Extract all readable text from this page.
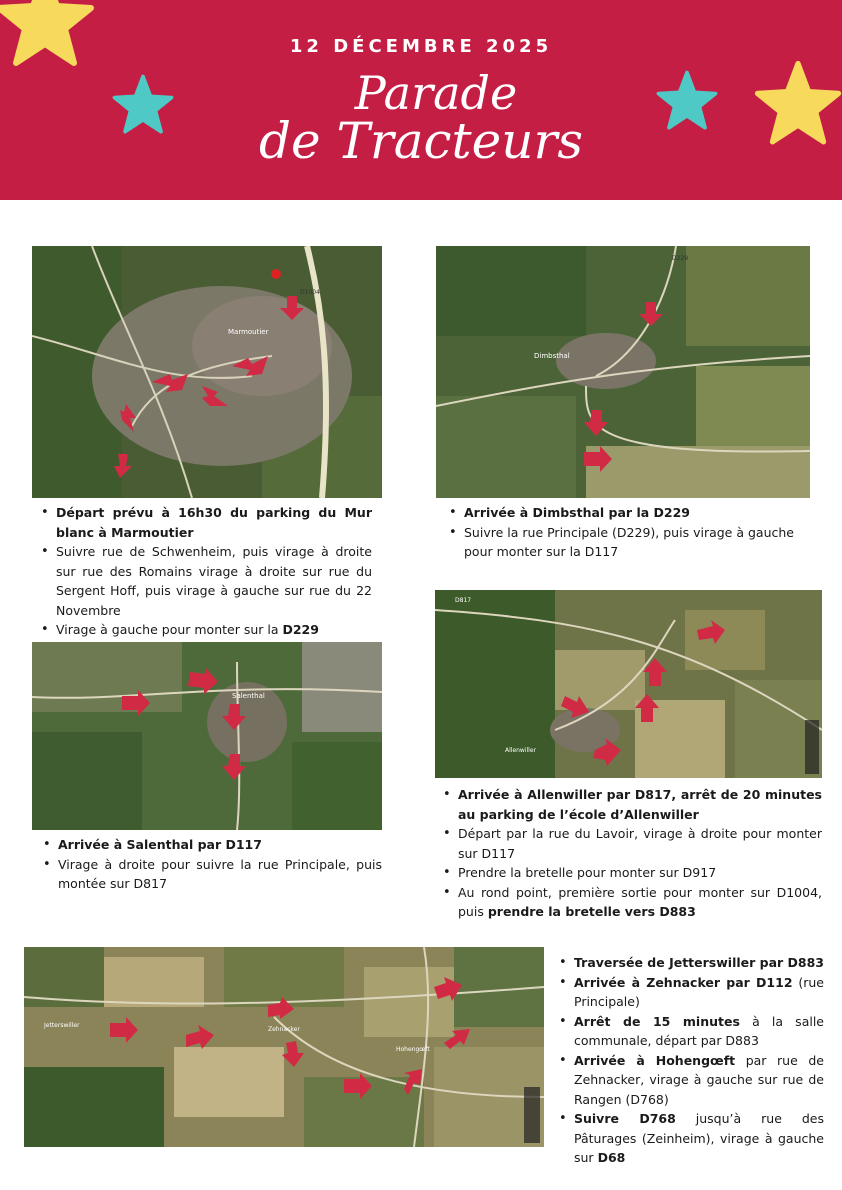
12 DÉCEMBRE 2025
Parade
de Tracteurs
Marmoutier
D1004
Dimbsthal
D229
• Départ prévu à 16h30 du parking du Mur blanc à Marmoutier
• Suivre rue de Schwenheim, puis virage à droite sur rue des Romains virage à droite sur rue du Sergent Hoff, puis virage à gauche sur rue du 22 Novembre
• Virage à gauche pour monter sur la D229
• Arrivée à Dimbsthal par la D229
• Suivre la rue Principale (D229), puis virage à gauche pour monter sur la D117
Salenthal
D817
Allenwiller
• Arrivée à Salenthal par D117
• Virage à droite pour suivre la rue Principale, puis montée sur D817
• Arrivée à Allenwiller par D817, arrêt de 20 minutes au parking de l’école d’Allenwiller
• Départ par la rue du Lavoir, virage à droite pour monter sur D117
• Prendre la bretelle pour monter sur D917
• Au rond point, première sortie pour monter sur D1004, puis prendre la bretelle vers D883
Jetterswiller
Zehnacker
Hohengœft
• Traversée de Jetterswiller par D883
• Arrivée à Zehnacker par D112 (rue Principale)
• Arrêt de 15 minutes à la salle communale, départ par D883
• Arrivée à Hohengœft par rue de Zehnacker, virage à gauche sur rue de Rangen (D768)
• Suivre D768 jusqu’à rue des Pâturages (Zeinheim), virage à gauche sur D68
